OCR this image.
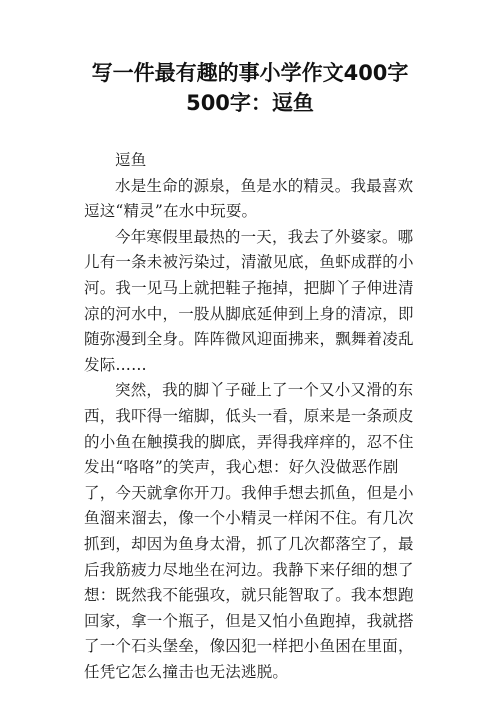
写一件最有趣的事小学作文400字
500字：逗鱼

逗鱼

水是生命的源泉，鱼是水的精灵。我最喜欢逗这“精灵”在水中玩耍。

今年寒假里最热的一天，我去了外婆家。哪儿有一条未被污染过，清澈见底，鱼虾成群的小河。我一见马上就把鞋子拖掉，把脚丫子伸进清凉的河水中，一股从脚底延伸到上身的清凉，即随弥漫到全身。阵阵微风迎面拂来，飘舞着凌乱发际……

突然，我的脚丫子碰上了一个又小又滑的东西，我吓得一缩脚，低头一看，原来是一条顽皮的小鱼在触摸我的脚底，弄得我痒痒的，忍不住发出“咯咯”的笑声，我心想：好久没做恶作剧了，今天就拿你开刀。我伸手想去抓鱼，但是小鱼溜来溜去，像一个小精灵一样闲不住。有几次抓到，却因为鱼身太滑，抓了几次都落空了，最后我筋疲力尽地坐在河边。我静下来仔细的想了想：既然我不能强攻，就只能智取了。我本想跑回家，拿一个瓶子，但是又怕小鱼跑掉，我就搭了一个石头堡垒，像囚犯一样把小鱼困在里面，任凭它怎么撞击也无法逃脱。
